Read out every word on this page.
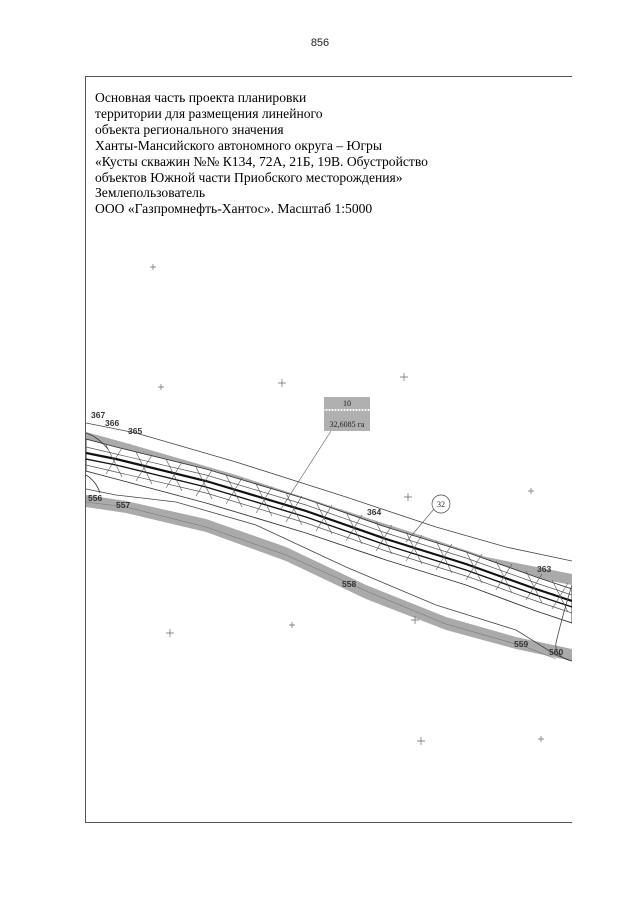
856
10
32,6085 га
32
367
366
365
364
363
556
557
558
559
560
Основная часть проекта планировки
территории для размещения линейного
объекта регионального значения
Ханты-Мансийского автономного округа – Югры
«Кусты скважин №№ К134, 72А, 21Б, 19В. Обустройство
объектов Южной части Приобского месторождения»
Землепользователь
ООО «Газпромнефть-Хантос». Масштаб 1:5000
